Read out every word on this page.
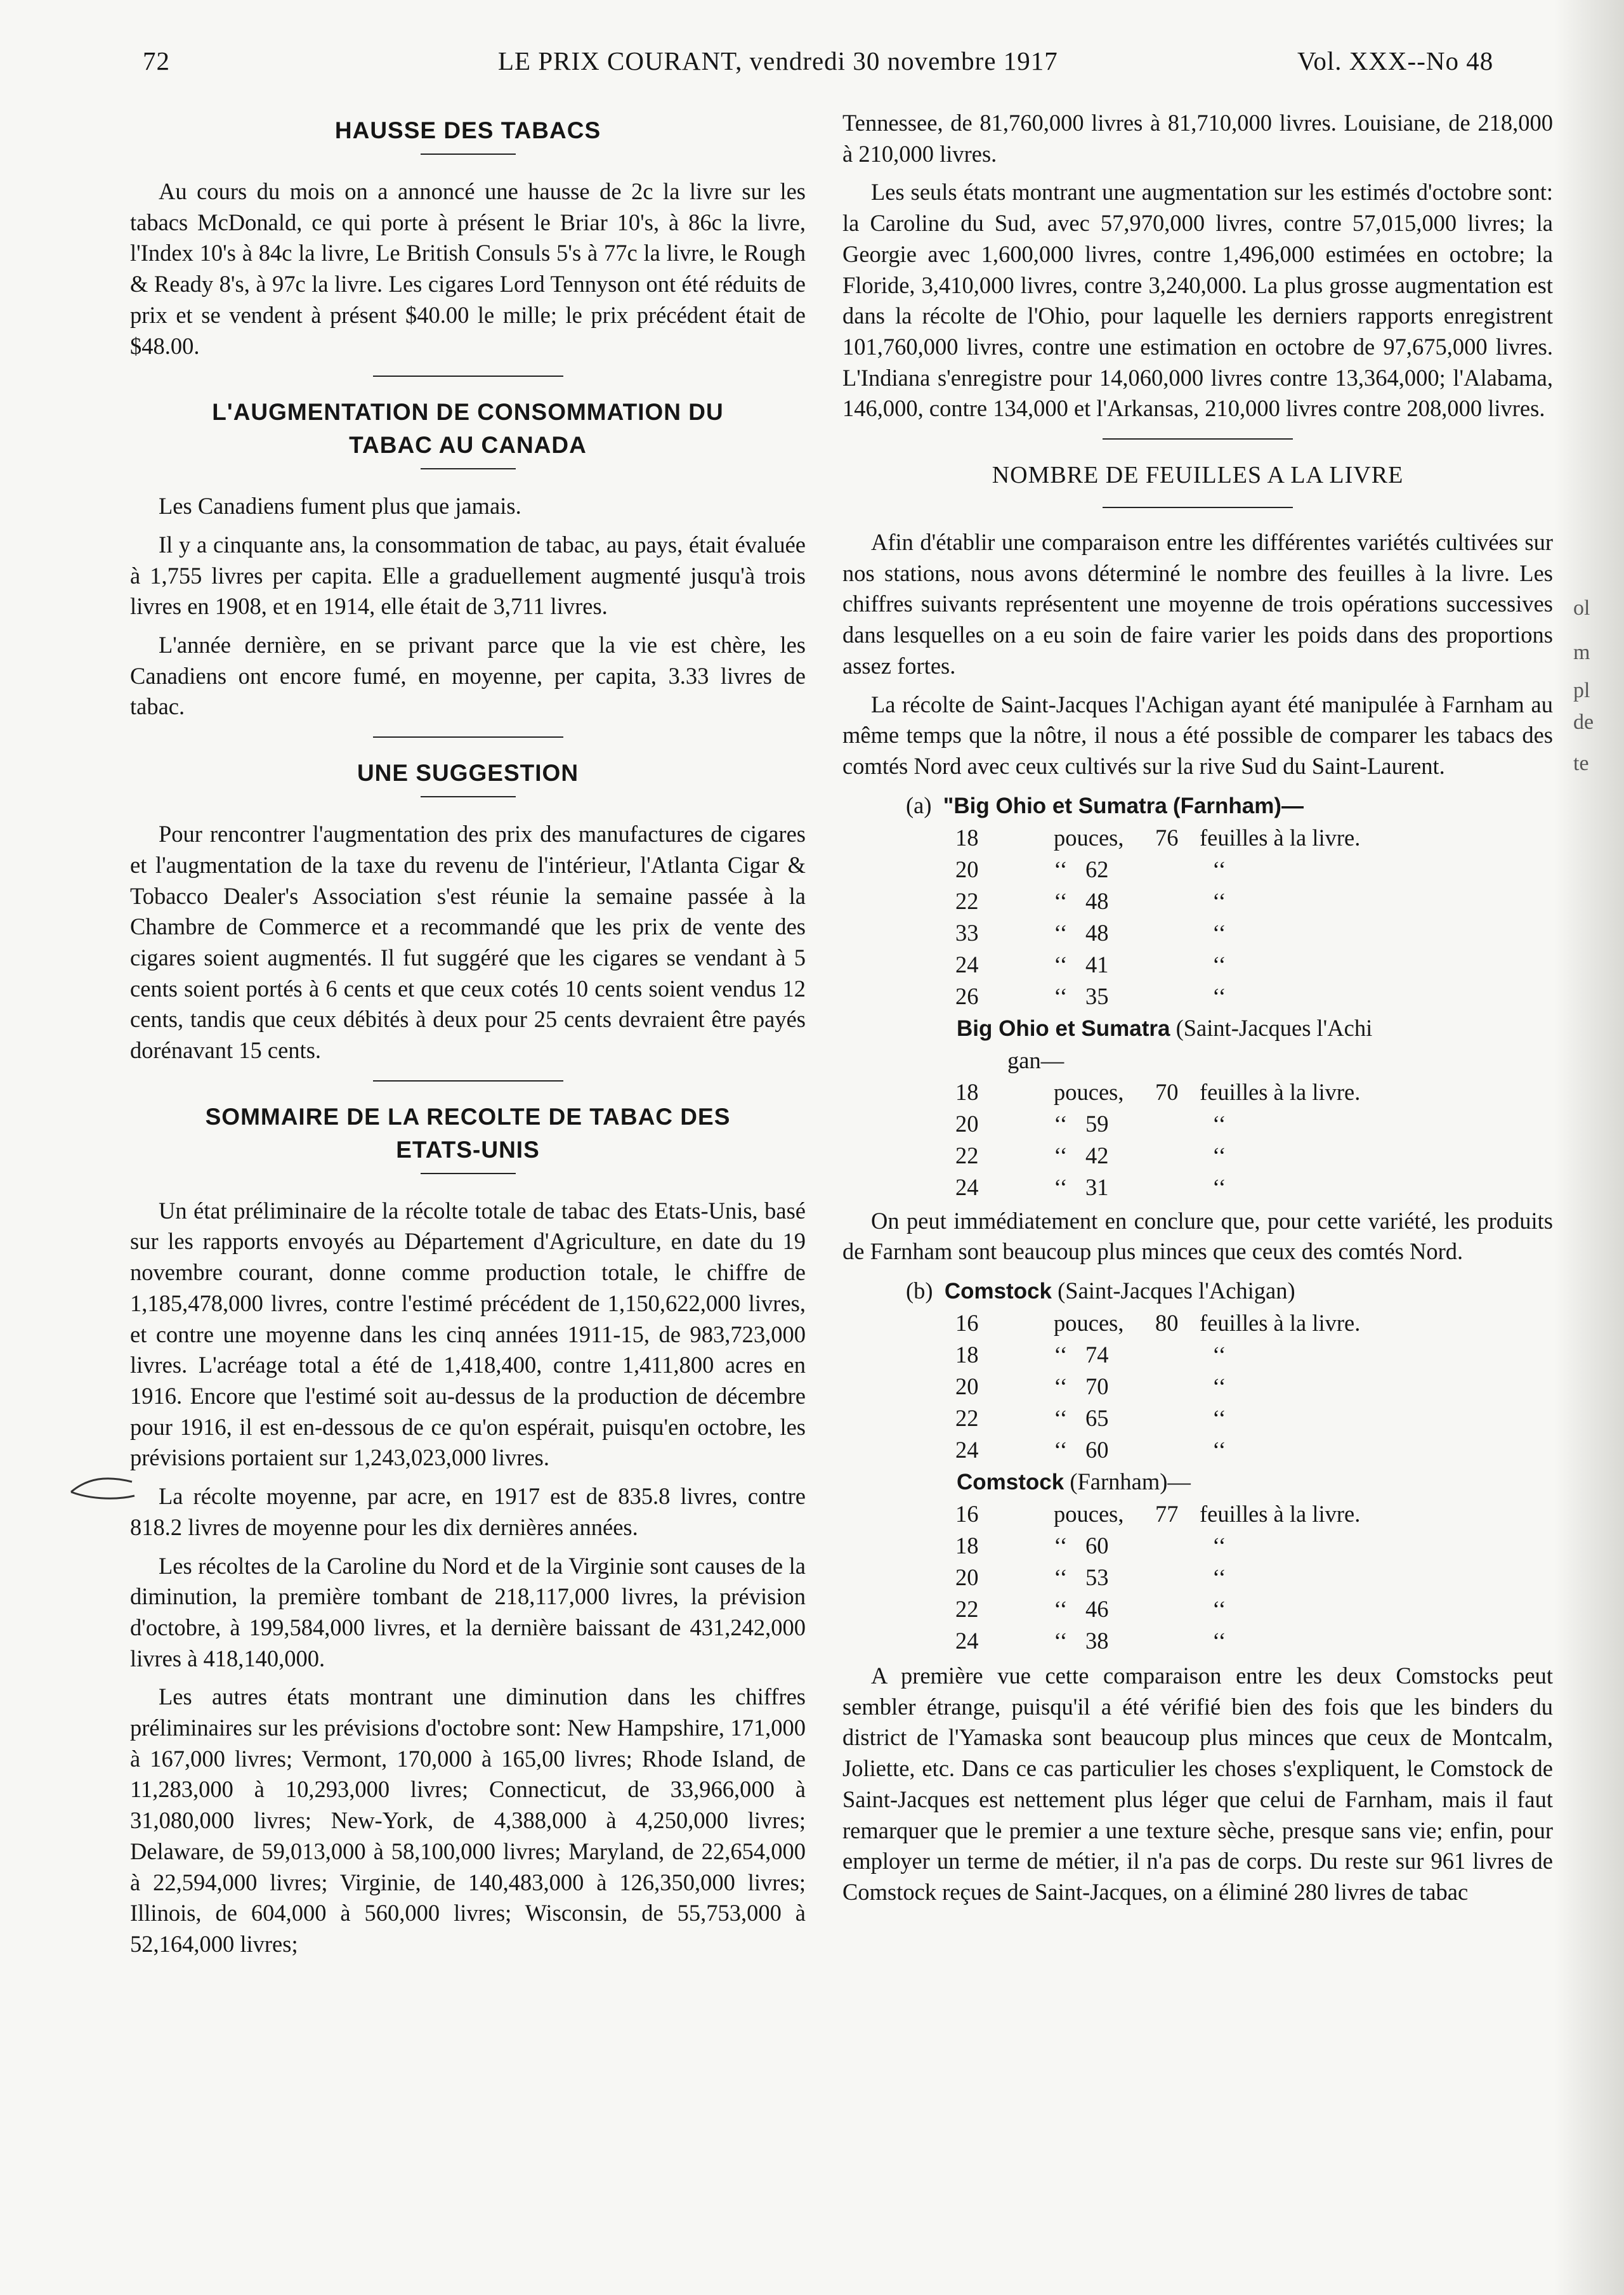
ol
m
pl
de
te
72	LE PRIX COURANT, vendredi 30 novembre 1917	Vol. XXX--No 48
HAUSSE DES TABACS

Au cours du mois on a annoncé une hausse de 2c la livre sur les tabacs McDonald, ce qui porte à présent le Briar 10's, à 86c la livre, l'Index 10's à 84c la livre, Le British Consuls 5's à 77c la livre, le Rough & Ready 8's, à 97c la livre. Les cigares Lord Tennyson ont été réduits de prix et se vendent à présent $40.00 le mille; le prix précédent était de $48.00.

L'AUGMENTATION DE CONSOMMATION DU
TABAC AU CANADA

Les Canadiens fument plus que jamais.

Il y a cinquante ans, la consommation de tabac, au pays, était évaluée à 1,755 livres per capita. Elle a graduellement augmenté jusqu'à trois livres en 1908, et en 1914, elle était de 3,711 livres.

L'année dernière, en se privant parce que la vie est chère, les Canadiens ont encore fumé, en moyenne, per capita, 3.33 livres de tabac.

UNE SUGGESTION

Pour rencontrer l'augmentation des prix des manufactures de cigares et l'augmentation de la taxe du revenu de l'intérieur, l'Atlanta Cigar & Tobacco Dealer's Association s'est réunie la semaine passée à la Chambre de Commerce et a recommandé que les prix de vente des cigares soient augmentés. Il fut suggéré que les cigares se vendant à 5 cents soient portés à 6 cents et que ceux cotés 10 cents soient vendus 12 cents, tandis que ceux débités à deux pour 25 cents devraient être payés dorénavant 15 cents.

SOMMAIRE DE LA RECOLTE DE TABAC DES
ETATS-UNIS

Un état préliminaire de la récolte totale de tabac des Etats-Unis, basé sur les rapports envoyés au Département d'Agriculture, en date du 19 novembre courant, donne comme production totale, le chiffre de 1,185,478,000 livres, contre l'estimé précédent de 1,150,622,000 livres, et contre une moyenne dans les cinq années 1911-15, de 983,723,000 livres. L'acréage total a été de 1,418,400, contre 1,411,800 acres en 1916. Encore que l'estimé soit au-dessus de la production de décembre pour 1916, il est en-dessous de ce qu'on espérait, puisqu'en octobre, les prévisions portaient sur 1,243,023,000 livres.

La récolte moyenne, par acre, en 1917 est de 835.8 livres, contre 818.2 livres de moyenne pour les dix dernières années.

Les récoltes de la Caroline du Nord et de la Virginie sont causes de la diminution, la première tombant de 218,117,000 livres, la prévision d'octobre, à 199,584,000 livres, et la dernière baissant de 431,242,000 livres à 418,140,000.

Les autres états montrant une diminution dans les chiffres préliminaires sur les prévisions d'octobre sont: New Hampshire, 171,000 à 167,000 livres; Vermont, 170,000 à 165,00 livres; Rhode Island, de 11,283,000 à 10,293,000 livres; Connecticut, de 33,966,000 à 31,080,000 livres; New-York, de 4,388,000 à 4,250,000 livres; Delaware, de 59,013,000 à 58,100,000 livres; Maryland, de 22,654,000 à 22,594,000 livres; Virginie, de 140,483,000 à 126,350,000 livres; Illinois, de 604,000 à 560,000 livres; Wisconsin, de 55,753,000 à 52,164,000 livres;

Tennessee, de 81,760,000 livres à 81,710,000 livres. Louisiane, de 218,000 à 210,000 livres.

Les seuls états montrant une augmentation sur les estimés d'octobre sont: la Caroline du Sud, avec 57,970,000 livres, contre 57,015,000 livres; la Georgie avec 1,600,000 livres, contre 1,496,000 estimées en octobre; la Floride, 3,410,000 livres, contre 3,240,000. La plus grosse augmentation est dans la récolte de l'Ohio, pour laquelle les derniers rapports enregistrent 101,760,000 livres, contre une estimation en octobre de 97,675,000 livres. L'Indiana s'enregistre pour 14,060,000 livres contre 13,364,000; l'Alabama, 146,000, contre 134,000 et l'Arkansas, 210,000 livres contre 208,000 livres.

NOMBRE DE FEUILLES A LA LIVRE

Afin d'établir une comparaison entre les différentes variétés cultivées sur nos stations, nous avons déterminé le nombre des feuilles à la livre. Les chiffres suivants représentent une moyenne de trois opérations successives dans lesquelles on a eu soin de faire varier les poids dans des proportions assez fortes.

La récolte de Saint-Jacques l'Achigan ayant été manipulée à Farnham au même temps que la nôtre, il nous a été possible de comparer les tabacs des comtés Nord avec ceux cultivés sur la rive Sud du Saint-Laurent.

(a) "Big Ohio et Sumatra (Farnham)—
18	pouces,	76 feuilles à la livre.
20	‘‘ 62	‘‘
22	‘‘ 48	‘‘
33	‘‘ 48	‘‘
24	‘‘ 41	‘‘
26	‘‘ 35	‘‘
Big Ohio et Sumatra (Saint-Jacques l'Achi
gan—
18	pouces,	70 feuilles à la livre.
20	‘‘ 59	‘‘
22	‘‘ 42	‘‘
24	‘‘ 31	‘‘

On peut immédiatement en conclure que, pour cette variété, les produits de Farnham sont beaucoup plus minces que ceux des comtés Nord.

(b) Comstock (Saint-Jacques l'Achigan)
16	pouces,	80 feuilles à la livre.
18	‘‘ 74	‘‘
20	‘‘ 70	‘‘
22	‘‘ 65	‘‘
24	‘‘ 60	‘‘
Comstock (Farnham)—
16	pouces,	77 feuilles à la livre.
18	‘‘ 60	‘‘
20	‘‘ 53	‘‘
22	‘‘ 46	‘‘
24	‘‘ 38	‘‘

A première vue cette comparaison entre les deux Comstocks peut sembler étrange, puisqu'il a été vérifié bien des fois que les binders du district de l'Yamaska sont beaucoup plus minces que ceux de Montcalm, Joliette, etc. Dans ce cas particulier les choses s'expliquent, le Comstock de Saint-Jacques est nettement plus léger que celui de Farnham, mais il faut remarquer que le premier a une texture sèche, presque sans vie; enfin, pour employer un terme de métier, il n'a pas de corps. Du reste sur 961 livres de Comstock reçues de Saint-Jacques, on a éliminé 280 livres de tabac
